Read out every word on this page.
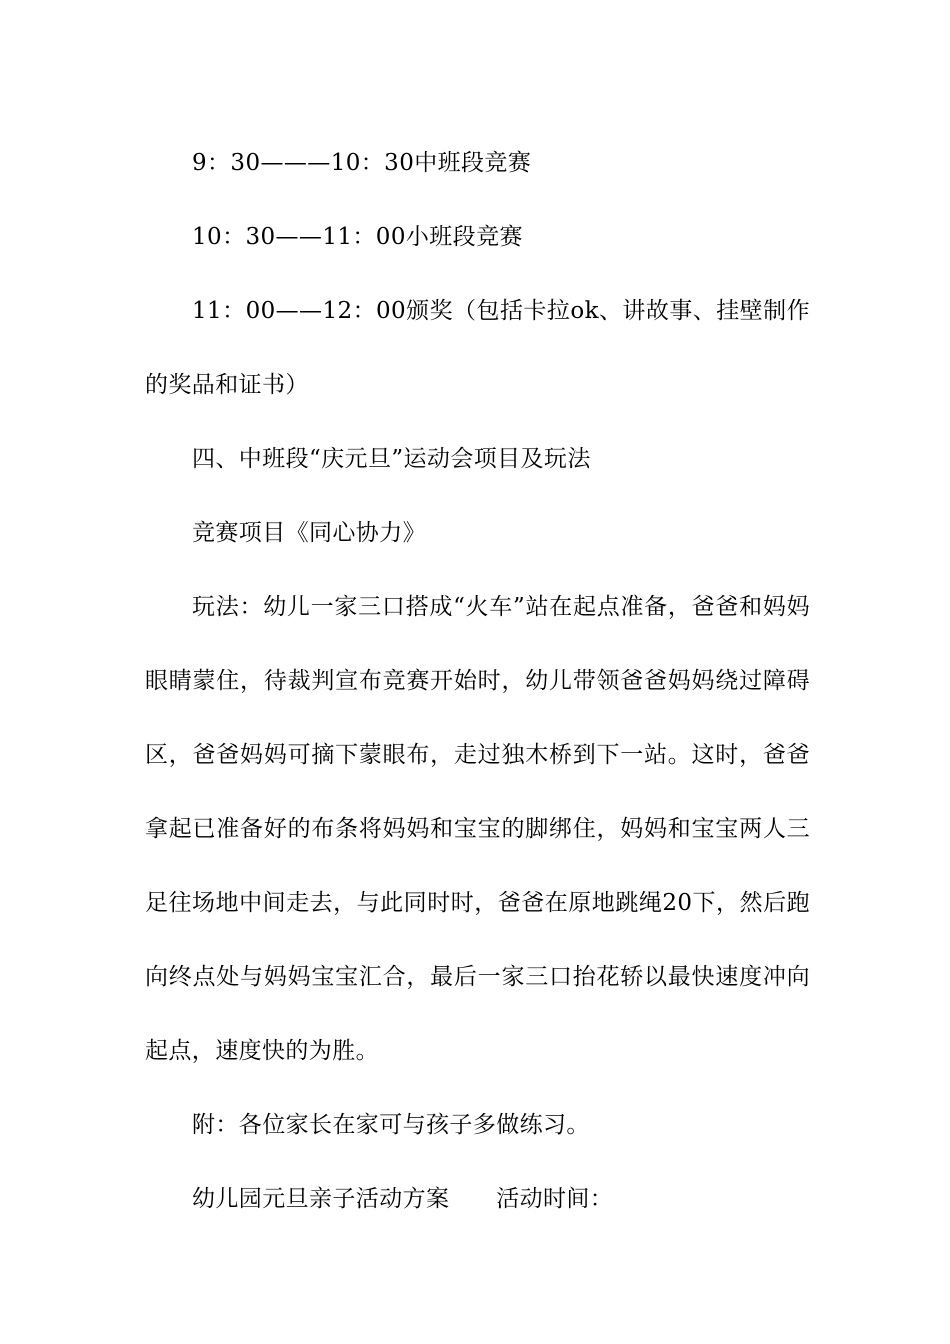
9：30———10：30中班段竞赛

10：30——11：00小班段竞赛

11：00——12：00颁奖（包括卡拉ok、讲故事、挂壁制作的奖品和证书）

四、中班段“庆元旦”运动会项目及玩法

竞赛项目《同心协力》

玩法：幼儿一家三口搭成“火车”站在起点准备，爸爸和妈妈眼睛蒙住，待裁判宣布竞赛开始时，幼儿带领爸爸妈妈绕过障碍区，爸爸妈妈可摘下蒙眼布，走过独木桥到下一站。这时，爸爸拿起已准备好的布条将妈妈和宝宝的脚绑住，妈妈和宝宝两人三足往场地中间走去，与此同时时，爸爸在原地跳绳20下，然后跑向终点处与妈妈宝宝汇合，最后一家三口抬花轿以最快速度冲向起点，速度快的为胜。

附：各位家长在家可与孩子多做练习。

幼儿园元旦亲子活动方案　　活动时间：
